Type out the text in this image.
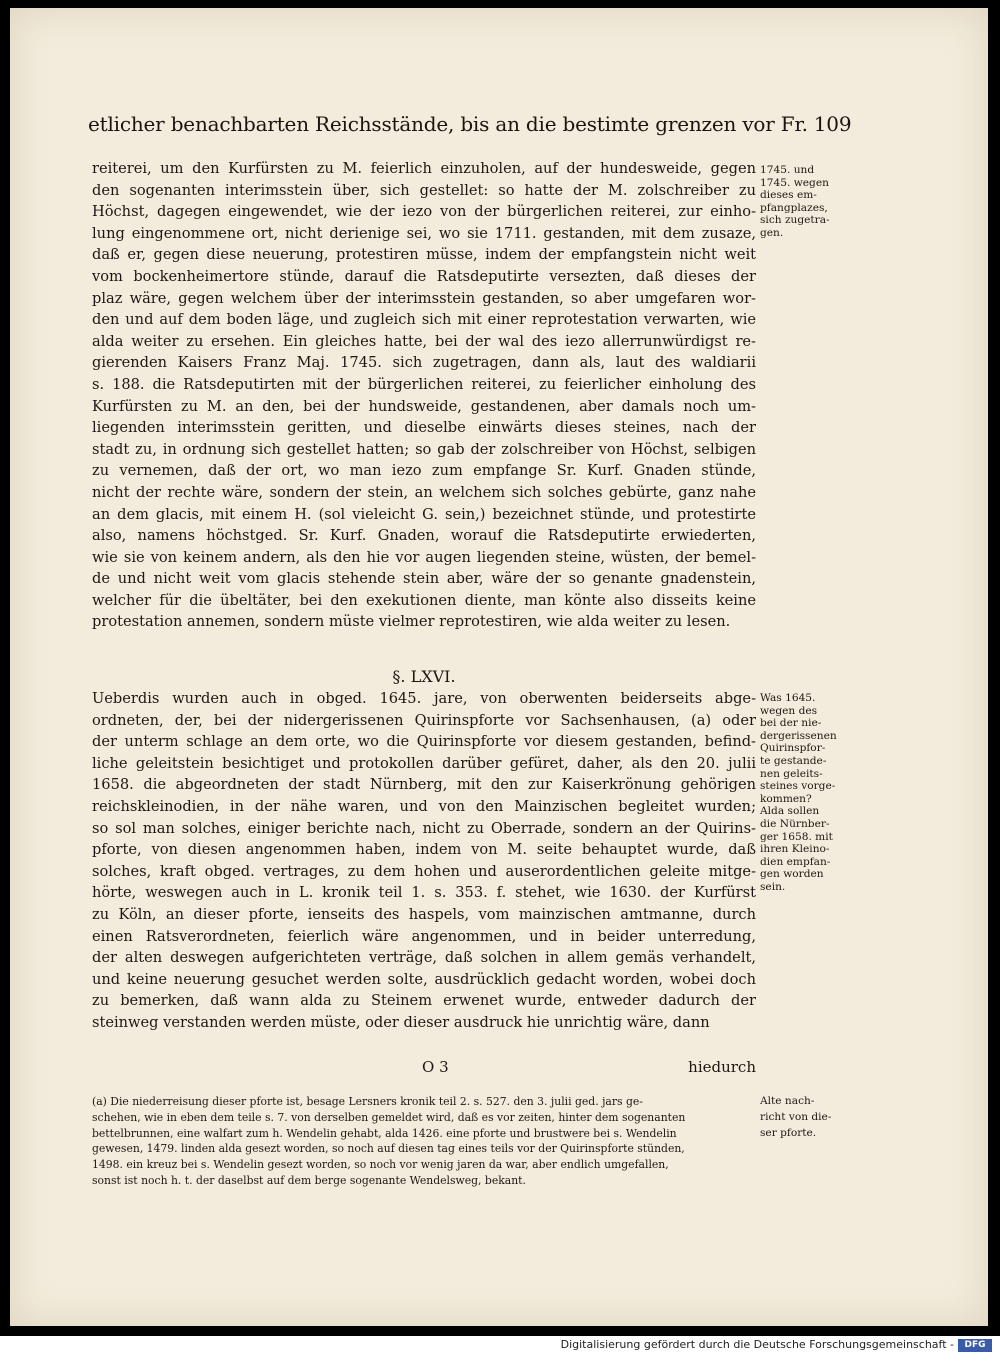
etlicher benachbarten Reichsstände, bis an die bestimte grenzen vor Fr. 109
reiterei, um den Kurfürsten zu M. feierlich einzuholen, auf der hundesweide, gegen
den sogenanten interimsstein über, sich gestellet: so hatte der M. zolschreiber zu
Höchst, dagegen eingewendet, wie der iezo von der bürgerlichen reiterei, zur einho-
lung eingenommene ort, nicht derienige sei, wo sie 1711. gestanden, mit dem zusaze,
daß er, gegen diese neuerung, protestiren müsse, indem der empfangstein nicht weit
vom bockenheimertore stünde, darauf die Ratsdeputirte versezten, daß dieses der
plaz wäre, gegen welchem über der interimsstein gestanden, so aber umgefaren wor-
den und auf dem boden läge, und zugleich sich mit einer reprotestation verwarten, wie
alda weiter zu ersehen. Ein gleiches hatte, bei der wal des iezo allerrunwürdigst re-
gierenden Kaisers Franz Maj. 1745. sich zugetragen, dann als, laut des waldiarii
s. 188. die Ratsdeputirten mit der bürgerlichen reiterei, zu feierlicher einholung des
Kurfürsten zu M. an den, bei der hundsweide, gestandenen, aber damals noch um-
liegenden interimsstein geritten, und dieselbe einwärts dieses steines, nach der
stadt zu, in ordnung sich gestellet hatten; so gab der zolschreiber von Höchst, selbigen
zu vernemen, daß der ort, wo man iezo zum empfange Sr. Kurf. Gnaden stünde,
nicht der rechte wäre, sondern der stein, an welchem sich solches gebürte, ganz nahe
an dem glacis, mit einem H. (sol vieleicht G. sein,) bezeichnet stünde, und protestirte
also, namens höchstged. Sr. Kurf. Gnaden, worauf die Ratsdeputirte erwiederten,
wie sie von keinem andern, als den hie vor augen liegenden steine, wüsten, der bemel-
de und nicht weit vom glacis stehende stein aber, wäre der so genante gnadenstein,
welcher für die übeltäter, bei den exekutionen diente, man könte also disseits keine
protestation annemen, sondern müste vielmer reprotestiren, wie alda weiter zu lesen.
§. LXVI.
Ueberdis wurden auch in obged. 1645. jare, von oberwenten beiderseits abge-
ordneten, der, bei der nidergerissenen Quirinspforte vor Sachsenhausen, (a) oder
der unterm schlage an dem orte, wo die Quirinspforte vor diesem gestanden, befind-
liche geleitstein besichtiget und protokollen darüber gefüret, daher, als den 20. julii
1658. die abgeordneten der stadt Nürnberg, mit den zur Kaiserkrönung gehörigen
reichskleinodien, in der nähe waren, und von den Mainzischen begleitet wurden;
so sol man solches, einiger berichte nach, nicht zu Oberrade, sondern an der Quirins-
pforte, von diesen angenommen haben, indem von M. seite behauptet wurde, daß
solches, kraft obged. vertrages, zu dem hohen und auserordentlichen geleite mitge-
hörte, weswegen auch in L. kronik teil 1. s. 353. f. stehet, wie 1630. der Kurfürst
zu Köln, an dieser pforte, ienseits des haspels, vom mainzischen amtmanne, durch
einen Ratsverordneten, feierlich wäre angenommen, und in beider unterredung,
der alten deswegen aufgerichteten verträge, daß solchen in allem gemäs verhandelt,
und keine neuerung gesuchet werden solte, ausdrücklich gedacht worden, wobei doch
zu bemerken, daß wann alda zu Steinem erwenet wurde, entweder dadurch der
steinweg verstanden werden müste, oder dieser ausdruck hie unrichtig wäre, dann
1745. und
1745. wegen
dieses em-
pfangplazes,
sich zugetra-
gen.
Was 1645.
wegen des
bei der nie-
dergerissenen
Quirinspfor-
te gestande-
nen geleits-
steines vorge-
kommen?
Alda sollen
die Nürnber-
ger 1658. mit
ihren Kleino-
dien empfan-
gen worden
sein.
O 3	hiedurch
(a) Die niederreisung dieser pforte ist, besage Lersners kronik teil 2. s. 527. den 3. julii ged. jars ge-
schehen, wie in eben dem teile s. 7. von derselben gemeldet wird, daß es vor zeiten, hinter dem sogenanten
bettelbrunnen, eine walfart zum h. Wendelin gehabt, alda 1426. eine pforte und brustwere bei s. Wendelin
gewesen, 1479. linden alda gesezt worden, so noch auf diesen tag eines teils vor der Quirinspforte stünden,
1498. ein kreuz bei s. Wendelin gesezt worden, so noch vor wenig jaren da war, aber endlich umgefallen,
sonst ist noch h. t. der daselbst auf dem berge sogenante Wendelsweg, bekant.
Alte nach-
richt von die-
ser pforte.
Digitalisierung gefördert durch die Deutsche Forschungsgemeinschaft -	DFG
